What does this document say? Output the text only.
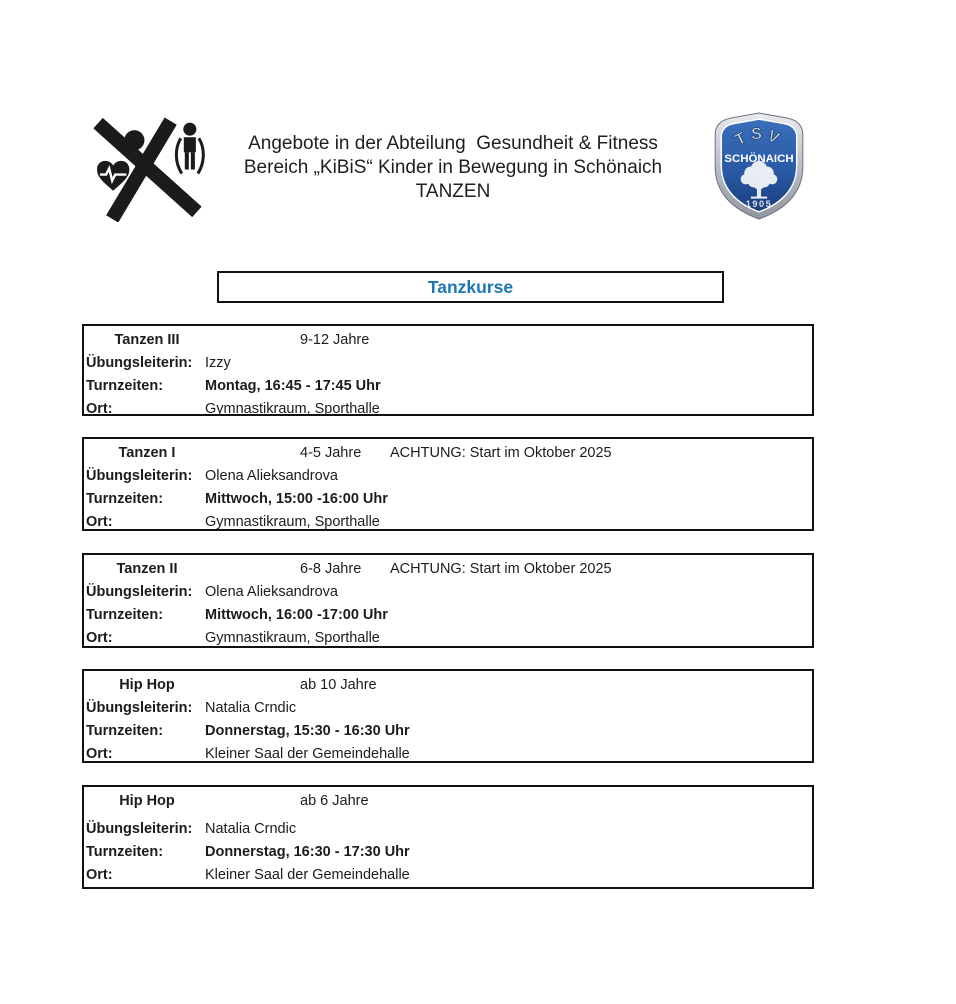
Angebote in der Abteilung  Gesundheit & Fitness
Bereich „KiBiS“ Kinder in Bewegung in Schönaich
TANZEN
TSV
SCHÖNAICH
1905
Tanzkurse
Tanzen III	9-12 Jahre
Übungsleiterin: Izzy
Turnzeiten:	Montag, 16:45 - 17:45 Uhr
Ort:	Gymnastikraum, Sporthalle
Tanzen I	4-5 Jahre ACHTUNG: Start im Oktober 2025
Übungsleiterin: Olena Alieksandrova
Turnzeiten:	Mittwoch, 15:00 -16:00 Uhr
Ort:	Gymnastikraum, Sporthalle
Tanzen II	6-8 Jahre ACHTUNG: Start im Oktober 2025
Übungsleiterin: Olena Alieksandrova
Turnzeiten:	Mittwoch, 16:00 -17:00 Uhr
Ort:	Gymnastikraum, Sporthalle
Hip Hop	ab 10 Jahre
Übungsleiterin: Natalia Crndic
Turnzeiten:	Donnerstag, 15:30 - 16:30 Uhr
Ort:	Kleiner Saal der Gemeindehalle
Hip Hop	ab 6 Jahre
Übungsleiterin: Natalia Crndic
Turnzeiten:	Donnerstag, 16:30 - 17:30 Uhr
Ort:	Kleiner Saal der Gemeindehalle
